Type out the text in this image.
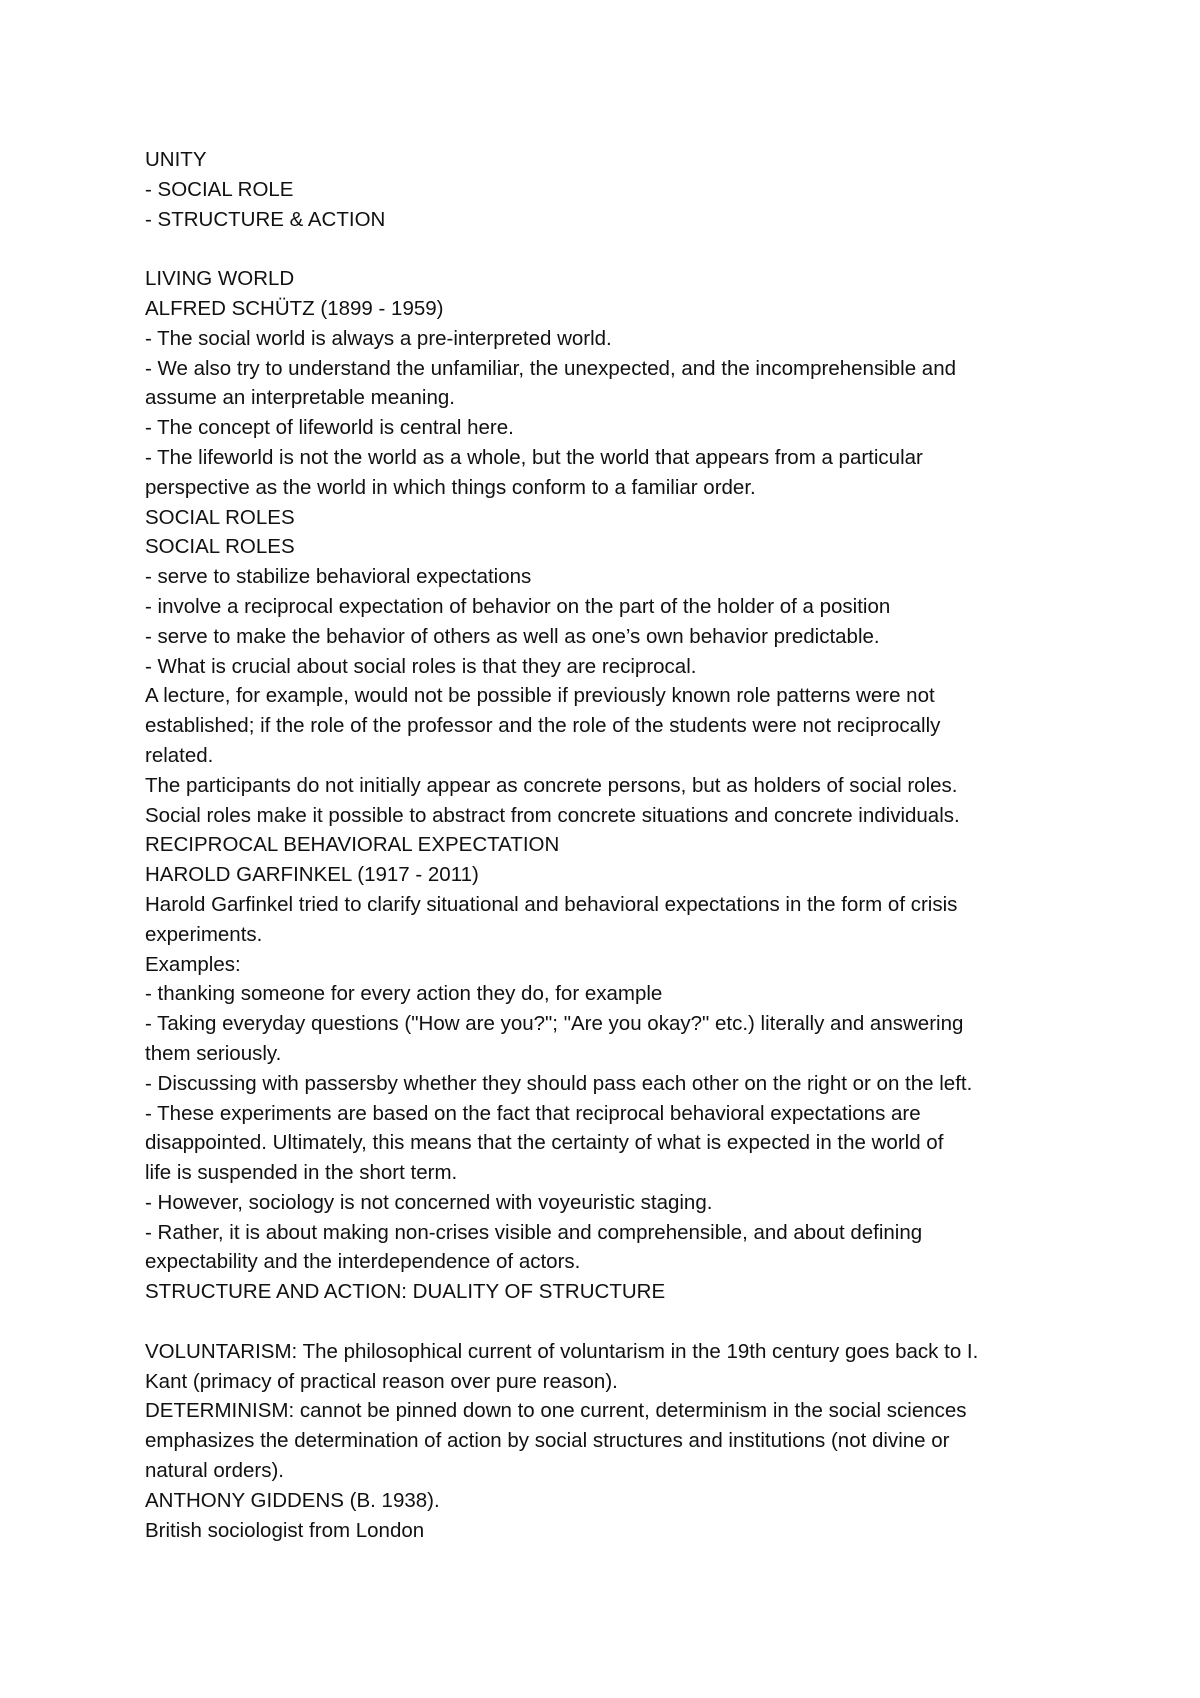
UNITY
- SOCIAL ROLE
- STRUCTURE & ACTION
LIVING WORLD
ALFRED SCHÜTZ (1899 - 1959)
- The social world is always a pre-interpreted world.
- We also try to understand the unfamiliar, the unexpected, and the incomprehensible and
assume an interpretable meaning.
- The concept of lifeworld is central here.
- The lifeworld is not the world as a whole, but the world that appears from a particular
perspective as the world in which things conform to a familiar order.
SOCIAL ROLES
SOCIAL ROLES
- serve to stabilize behavioral expectations
- involve a reciprocal expectation of behavior on the part of the holder of a position
- serve to make the behavior of others as well as one’s own behavior predictable.
- What is crucial about social roles is that they are reciprocal.
A lecture, for example, would not be possible if previously known role patterns were not
established; if the role of the professor and the role of the students were not reciprocally
related.
The participants do not initially appear as concrete persons, but as holders of social roles.
Social roles make it possible to abstract from concrete situations and concrete individuals.
RECIPROCAL BEHAVIORAL EXPECTATION
HAROLD GARFINKEL (1917 - 2011)
Harold Garfinkel tried to clarify situational and behavioral expectations in the form of crisis
experiments.
Examples:
- thanking someone for every action they do, for example
- Taking everyday questions ("How are you?"; "Are you okay?" etc.) literally and answering
them seriously.
- Discussing with passersby whether they should pass each other on the right or on the left.
- These experiments are based on the fact that reciprocal behavioral expectations are
disappointed. Ultimately, this means that the certainty of what is expected in the world of
life is suspended in the short term.
- However, sociology is not concerned with voyeuristic staging.
- Rather, it is about making non-crises visible and comprehensible, and about defining
expectability and the interdependence of actors.
STRUCTURE AND ACTION: DUALITY OF STRUCTURE
VOLUNTARISM: The philosophical current of voluntarism in the 19th century goes back to I.
Kant (primacy of practical reason over pure reason).
DETERMINISM: cannot be pinned down to one current, determinism in the social sciences
emphasizes the determination of action by social structures and institutions (not divine or
natural orders).
ANTHONY GIDDENS (B. 1938).
British sociologist from London
